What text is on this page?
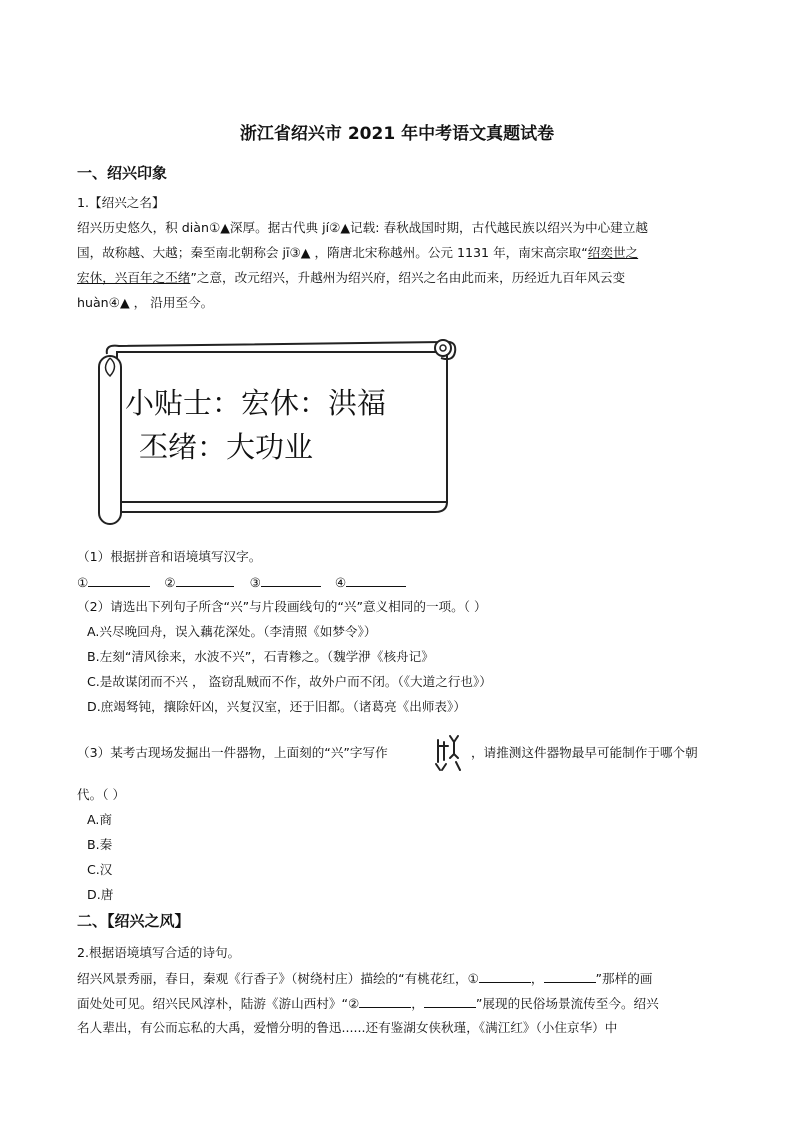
浙江省绍兴市 2021 年中考语文真题试卷
一、绍兴印象
1.【绍兴之名】
绍兴历史悠久，积 diàn①▲深厚。据古代典 jí②▲记载: 春秋战国时期，古代越民族以绍兴为中心建立越
国，故称越、大越；秦至南北朝称会 jī③▲ ，隋唐北宋称越州。公元 1131 年，南宋高宗取“绍奕世之
宏休，兴百年之丕绪”之意，改元绍兴，升越州为绍兴府，绍兴之名由此而来，历经近九百年风云变
huàn④▲ ， 沿用至今。
小贴士：宏休：洪福
丕绪：大功业
（1）根据拼音和语境填写汉字。
①	②	③	④
（2）请选出下列句子所含“兴”与片段画线句的“兴”意义相同的一项。（ ）
A.兴尽晚回舟，误入藕花深处。（李清照《如梦令》）
B.左刻“清风徐来，水波不兴”，石青糁之。（魏学洢《核舟记》
C.是故谋闭而不兴 ， 盗窃乱贼而不作，故外户而不闭。（《大道之行也》）
D.庶竭驽钝，攘除奸凶，兴复汉室，还于旧都。（诸葛亮《出师表》）
（3）某考古现场发掘出一件器物，上面刻的“兴”字写作	，请推测这件器物最早可能制作于哪个朝
代。（ ）
A.商
B.秦
C.汉
D.唐
二、【绍兴之风】
2.根据语境填写合适的诗句。
绍兴风景秀丽，春日，秦观《行香子》（树绕村庄）描绘的“有桃花红，①	，	”那样的画
面处处可见。绍兴民风淳朴，陆游《游山西村》“②	，	”展现的民俗场景流传至今。绍兴
名人辈出，有公而忘私的大禹，爱憎分明的鲁迅......还有鉴湖女侠秋瑾，《满江红》（小住京华）中
